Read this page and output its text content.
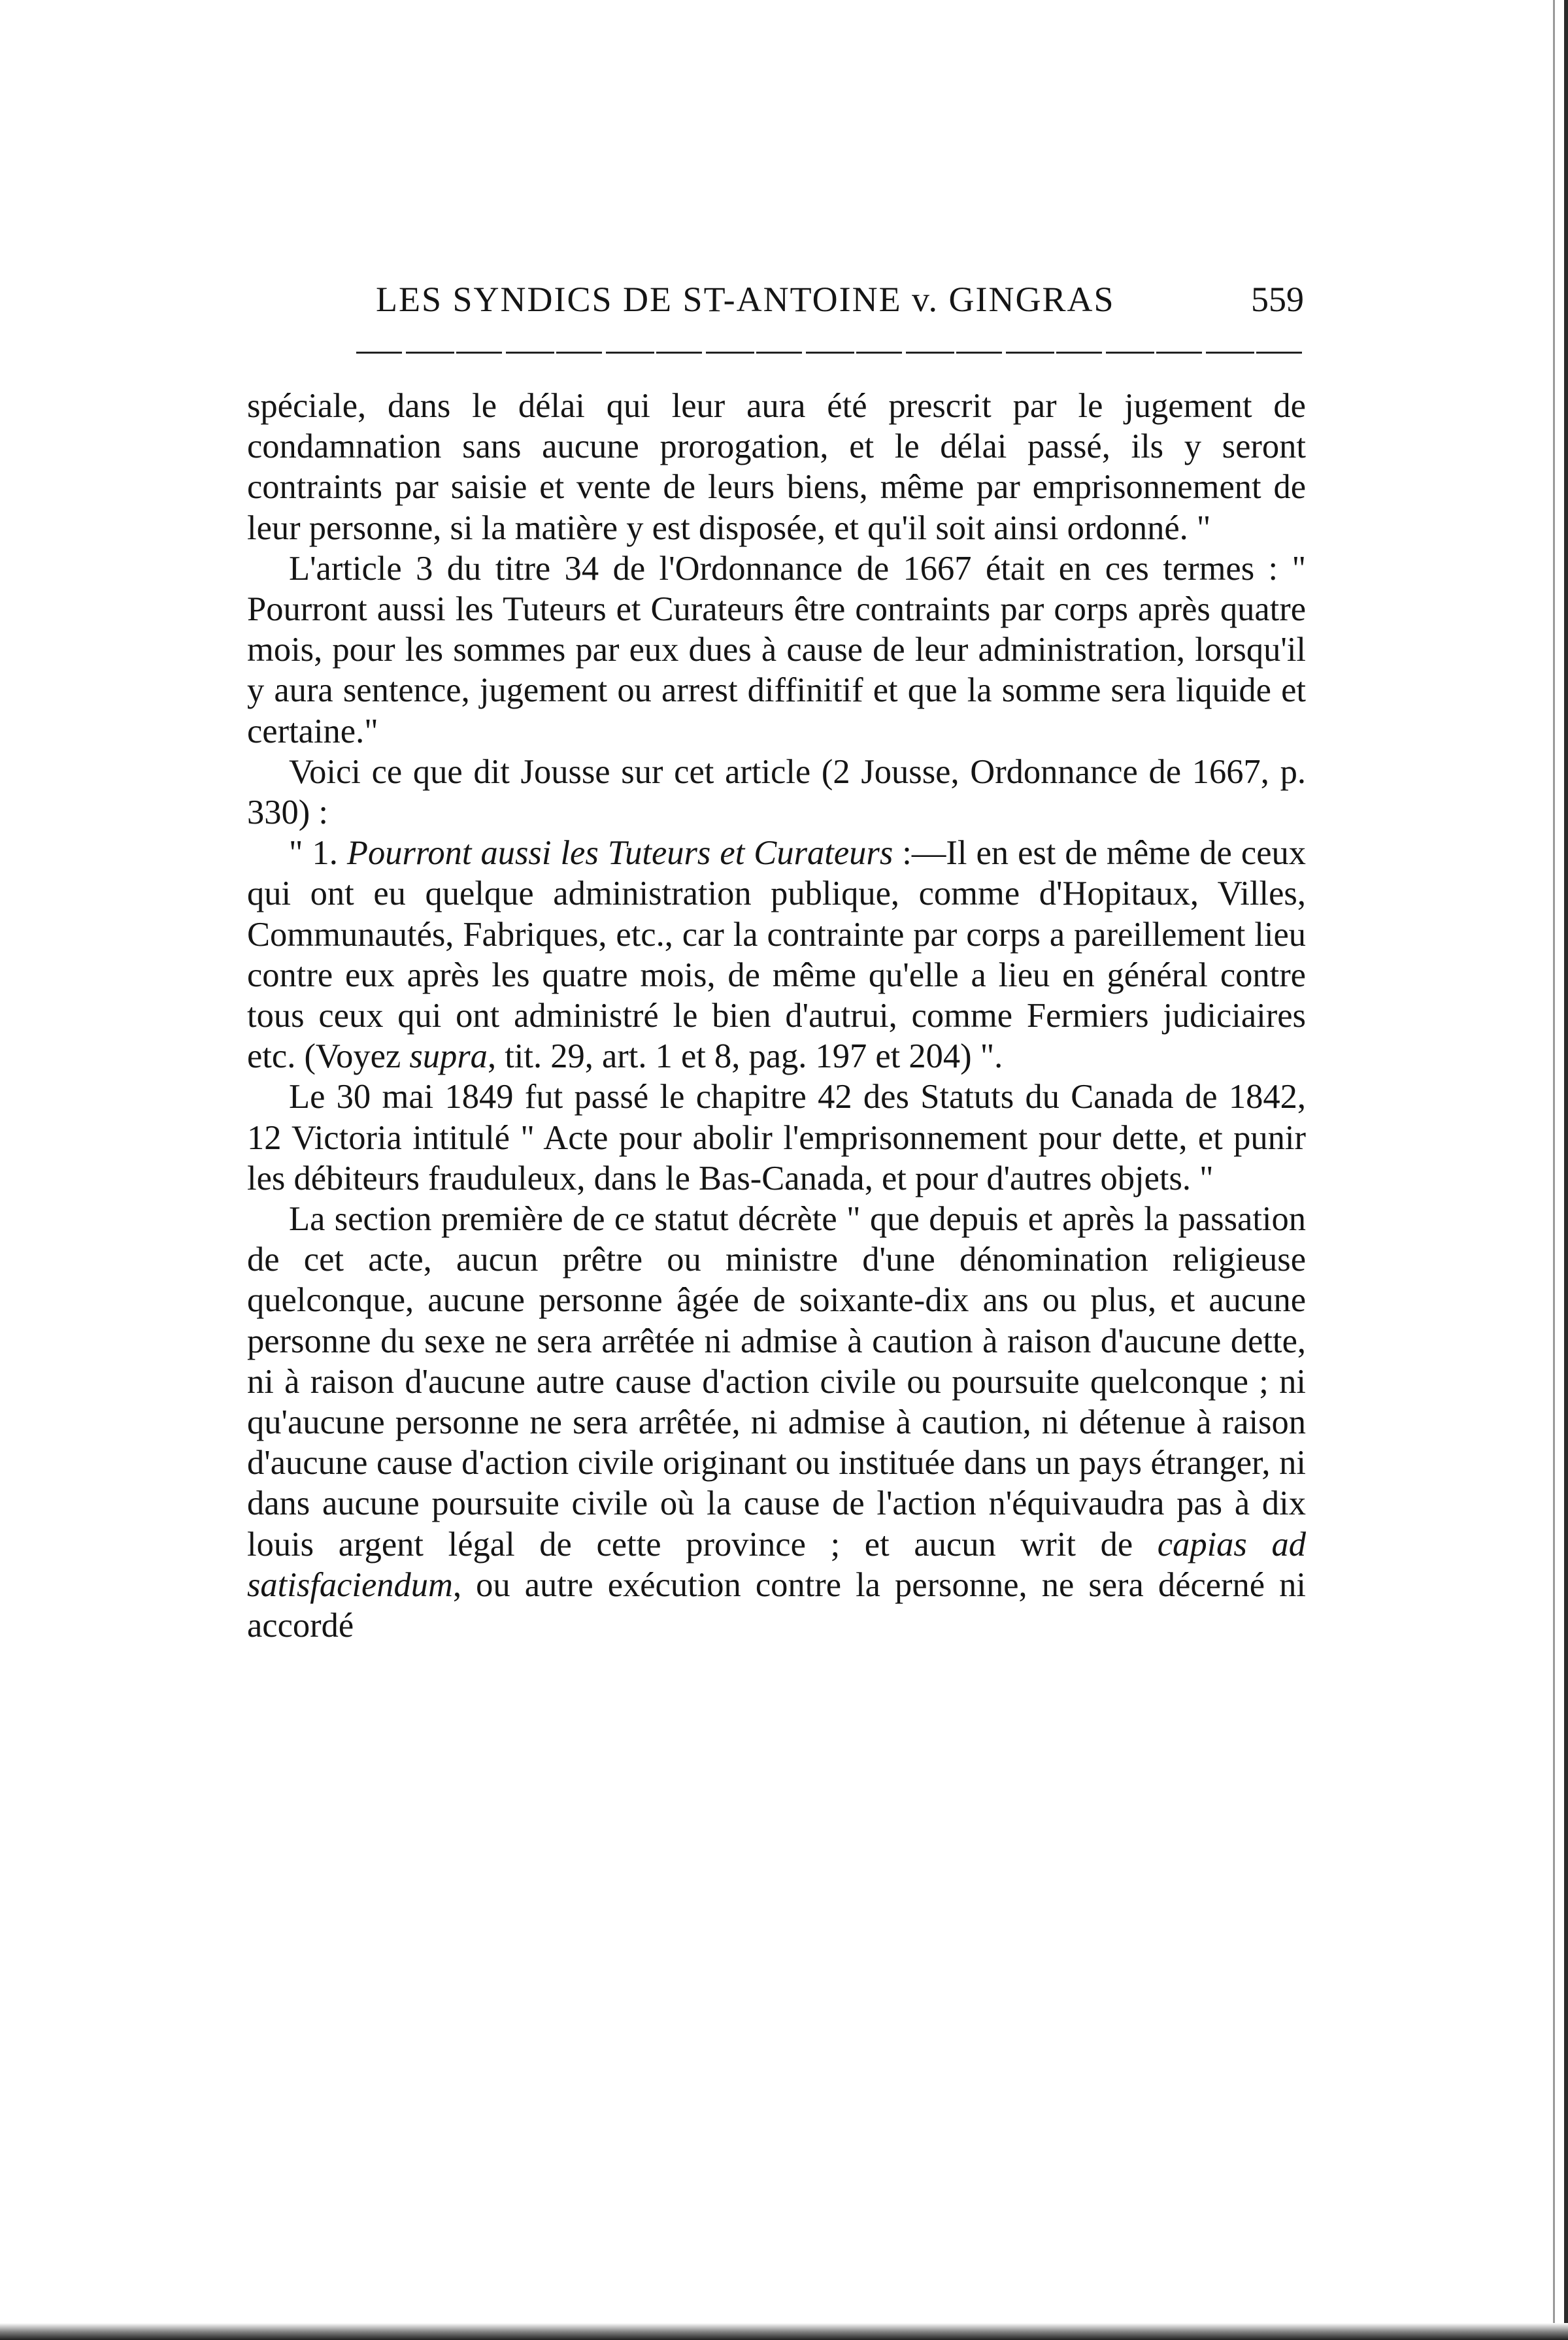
LES SYNDICS DE ST-ANTOINE v. GINGRAS	559

spéciale, dans le délai qui leur aura été prescrit par le jugement de condamnation sans aucune prorogation, et le délai passé, ils y seront contraints par saisie et vente de leurs biens, même par emprisonnement de leur personne, si la matière y est disposée, et qu'il soit ainsi ordonné. "

L'article 3 du titre 34 de l'Ordonnance de 1667 était en ces termes : " Pourront aussi les Tuteurs et Curateurs être contraints par corps après quatre mois, pour les sommes par eux dues à cause de leur administration, lorsqu'il y aura sentence, jugement ou arrest diffinitif et que la somme sera liquide et certaine."

Voici ce que dit Jousse sur cet article (2 Jousse, Ordonnance de 1667, p. 330) :

" 1. Pourront aussi les Tuteurs et Curateurs :—Il en est de même de ceux qui ont eu quelque administration publique, comme d'Hopitaux, Villes, Communautés, Fabriques, etc., car la contrainte par corps a pareillement lieu contre eux après les quatre mois, de même qu'elle a lieu en général contre tous ceux qui ont administré le bien d'autrui, comme Fermiers judiciaires etc. (Voyez supra, tit. 29, art. 1 et 8, pag. 197 et 204) ".

Le 30 mai 1849 fut passé le chapitre 42 des Statuts du Canada de 1842, 12 Victoria intitulé " Acte pour abolir l'emprisonnement pour dette, et punir les débiteurs frauduleux, dans le Bas-Canada, et pour d'autres objets. "

La section première de ce statut décrète " que depuis et après la passation de cet acte, aucun prêtre ou ministre d'une dénomination religieuse quelconque, aucune personne âgée de soixante-dix ans ou plus, et aucune personne du sexe ne sera arrêtée ni admise à caution à raison d'aucune dette, ni à raison d'aucune autre cause d'action civile ou poursuite quelconque ; ni qu'aucune personne ne sera arrêtée, ni admise à caution, ni détenue à raison d'aucune cause d'action civile originant ou instituée dans un pays étranger, ni dans aucune poursuite civile où la cause de l'action n'équivaudra pas à dix louis argent légal de cette province ; et aucun writ de capias ad satisfaciendum, ou autre exécution contre la personne, ne sera décerné ni accordé
